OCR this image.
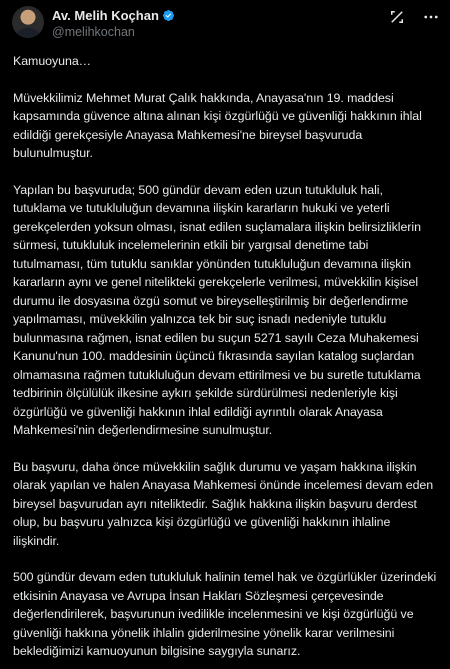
Av. Melih Koçhan
@melihkochan

Kamuoyuna…

Müvekkilimiz Mehmet Murat Çalık hakkında, Anayasa'nın 19. maddesi kapsamında güvence altına alınan kişi özgürlüğü ve güvenliği hakkının ihlal edildiği gerekçesiyle Anayasa Mahkemesi'ne bireysel başvuruda bulunulmuştur.

Yapılan bu başvuruda; 500 gündür devam eden uzun tutukluluk hali, tutuklama ve tutukluluğun devamına ilişkin kararların hukuki ve yeterli gerekçelerden yoksun olması, isnat edilen suçlamalara ilişkin belirsizliklerin sürmesi, tutukluluk incelemelerinin etkili bir yargısal denetime tabi tutulmaması, tüm tutuklu sanıklar yönünden tutukluluğun devamına ilişkin kararların aynı ve genel nitelikteki gerekçelerle verilmesi, müvekkilin kişisel durumu ile dosyasına özgü somut ve bireyselleştirilmiş bir değerlendirme yapılmaması, müvekkilin yalnızca tek bir suç isnadı nedeniyle tutuklu bulunmasına rağmen, isnat edilen bu suçun 5271 sayılı Ceza Muhakemesi Kanunu'nun 100. maddesinin üçüncü fıkrasında sayılan katalog suçlardan olmamasına rağmen tutukluluğun devam ettirilmesi ve bu suretle tutuklama tedbirinin ölçülülük ilkesine aykırı şekilde sürdürülmesi nedenleriyle kişi özgürlüğü ve güvenliği hakkının ihlal edildiği ayrıntılı olarak Anayasa Mahkemesi'nin değerlendirmesine sunulmuştur.

Bu başvuru, daha önce müvekkilin sağlık durumu ve yaşam hakkına ilişkin olarak yapılan ve halen Anayasa Mahkemesi önünde incelemesi devam eden bireysel başvurudan ayrı niteliktedir. Sağlık hakkına ilişkin başvuru derdest olup, bu başvuru yalnızca kişi özgürlüğü ve güvenliği hakkının ihlaline ilişkindir.

500 gündür devam eden tutukluluk halinin temel hak ve özgürlükler üzerindeki etkisinin Anayasa ve Avrupa İnsan Hakları Sözleşmesi çerçevesinde değerlendirilerek, başvurunun ivedilikle incelenmesini ve kişi özgürlüğü ve güvenliği hakkına yönelik ihlalin giderilmesine yönelik karar verilmesini beklediğimizi kamuoyunun bilgisine saygıyla sunarız.
